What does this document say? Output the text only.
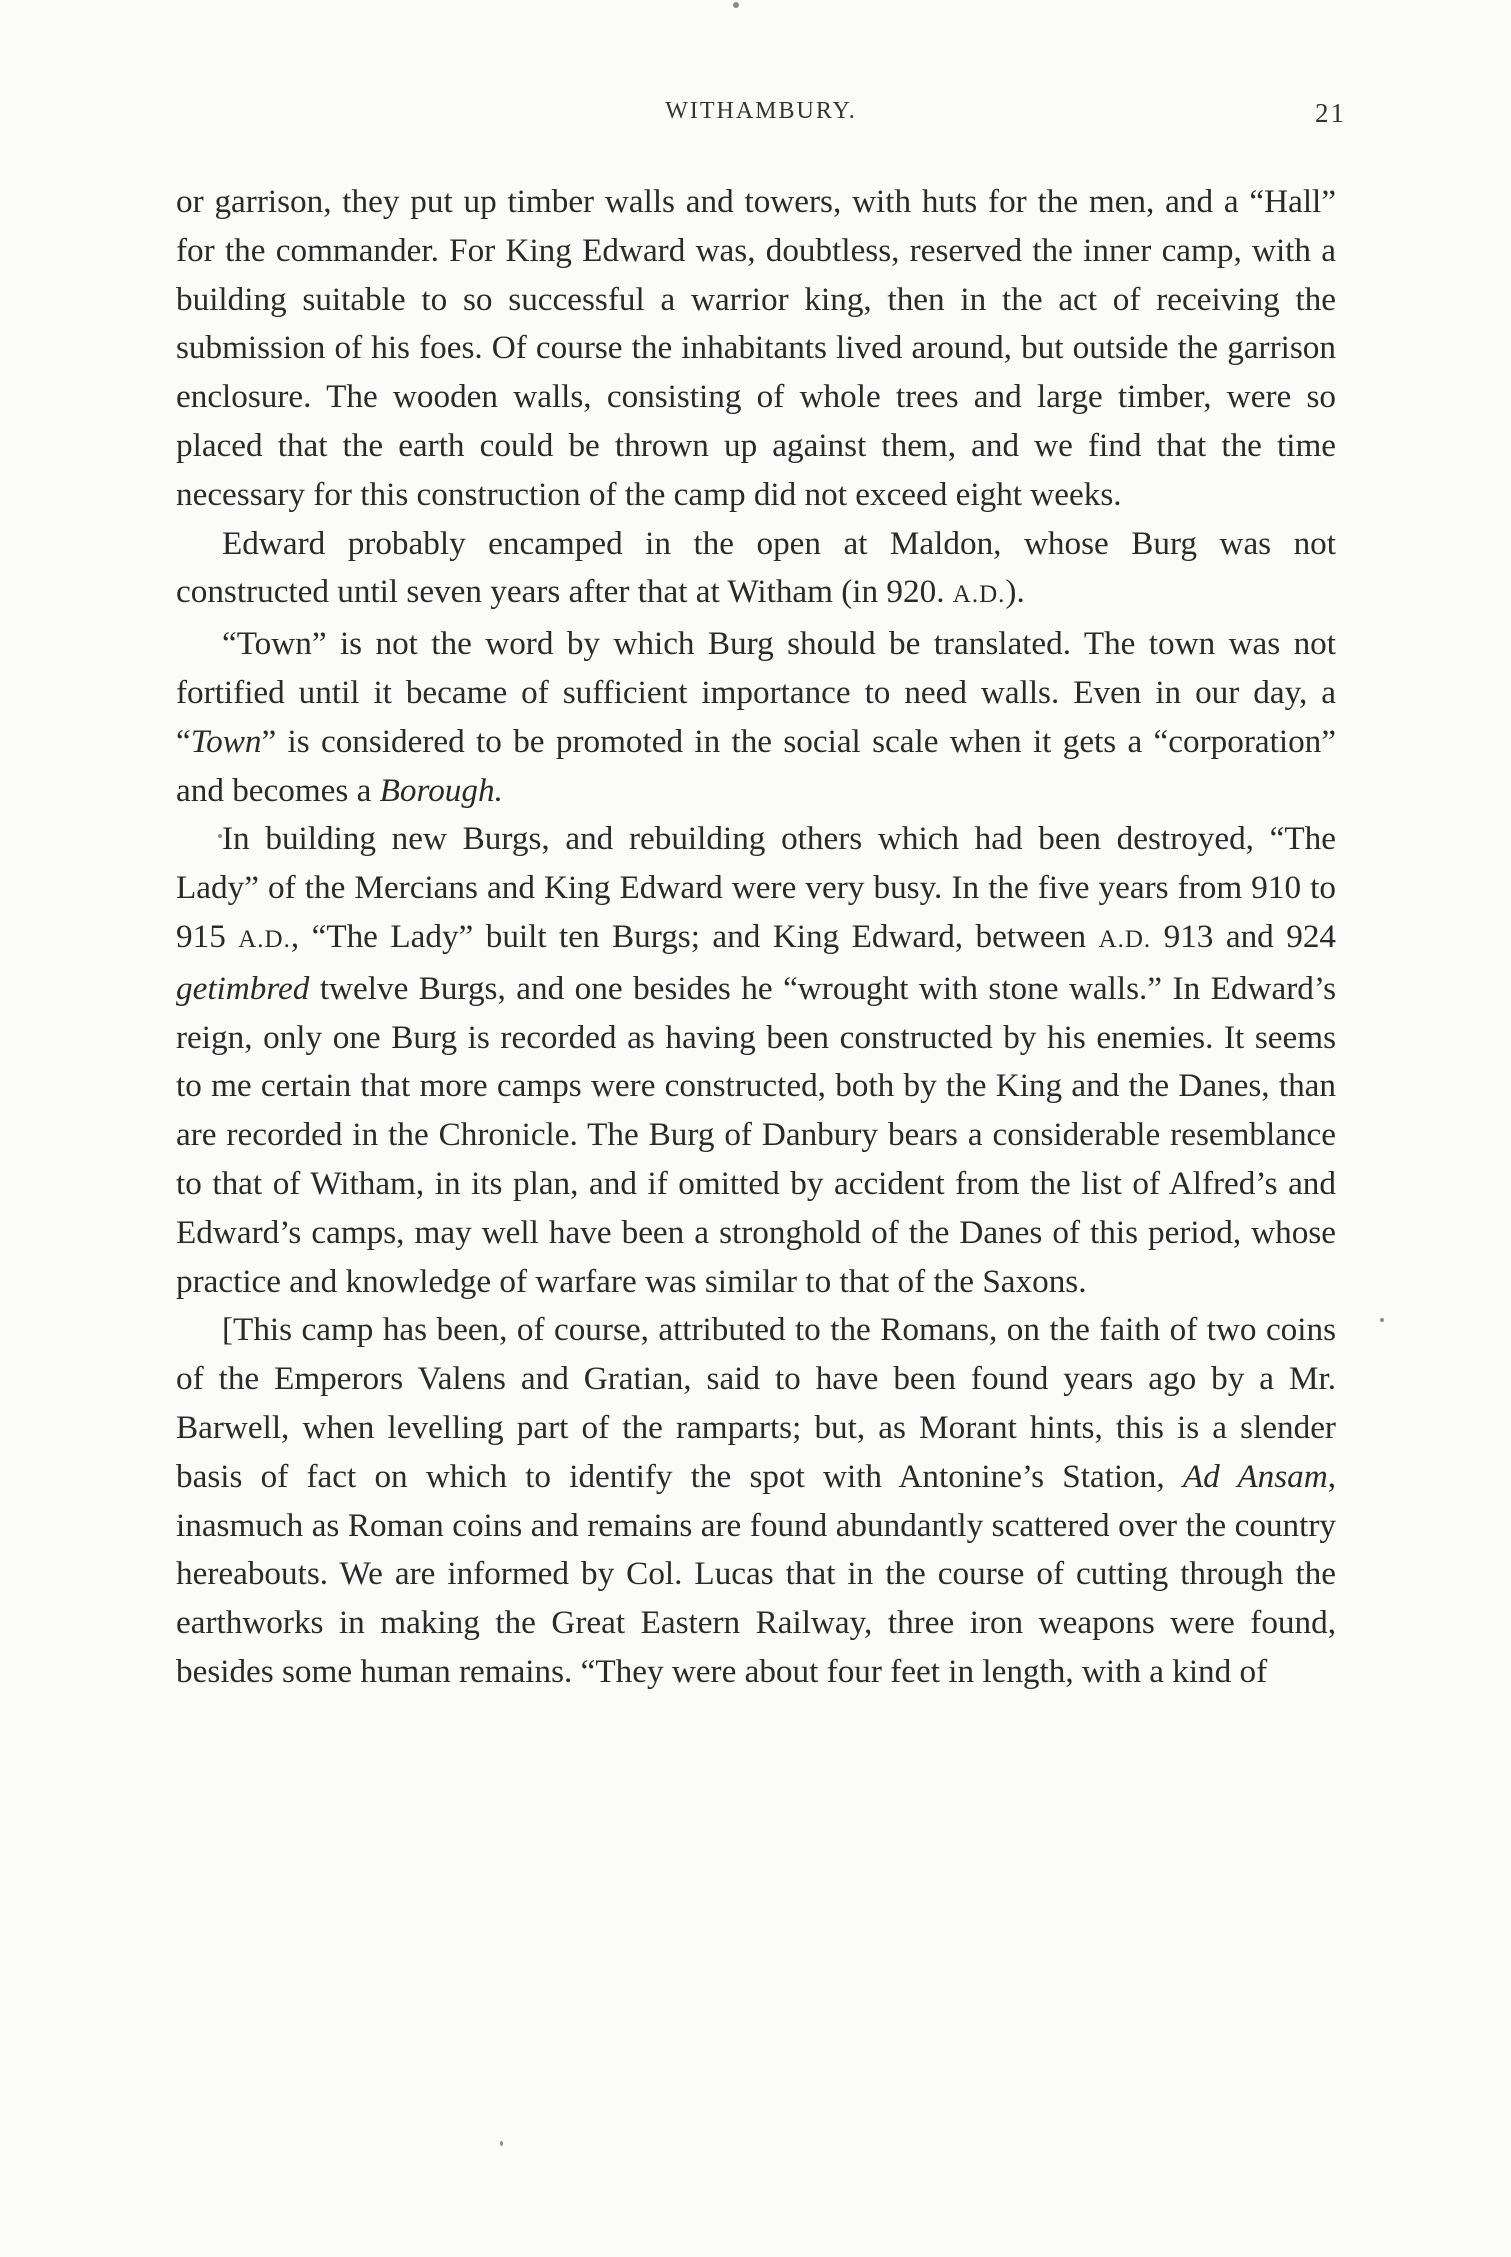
WITHAMBURY.	21

or garrison, they put up timber walls and towers, with huts for the men, and a “Hall” for the commander. For King Edward was, doubtless, reserved the inner camp, with a building suitable to so successful a warrior king, then in the act of receiving the submission of his foes. Of course the inhabitants lived around, but outside the garrison enclosure. The wooden walls, consisting of whole trees and large timber, were so placed that the earth could be thrown up against them, and we find that the time necessary for this construction of the camp did not exceed eight weeks.

Edward probably encamped in the open at Maldon, whose Burg was not constructed until seven years after that at Witham (in 920. A.D.).

“Town” is not the word by which Burg should be translated. The town was not fortified until it became of sufficient importance to need walls. Even in our day, a “Town” is considered to be promoted in the social scale when it gets a “corporation” and becomes a Borough.

In building new Burgs, and rebuilding others which had been destroyed, “The Lady” of the Mercians and King Edward were very busy. In the five years from 910 to 915 A.D., “The Lady” built ten Burgs; and King Edward, between A.D. 913 and 924 getimbred twelve Burgs, and one besides he “wrought with stone walls.” In Edward’s reign, only one Burg is recorded as having been constructed by his enemies. It seems to me certain that more camps were constructed, both by the King and the Danes, than are recorded in the Chronicle. The Burg of Danbury bears a considerable resemblance to that of Witham, in its plan, and if omitted by accident from the list of Alfred’s and Edward’s camps, may well have been a stronghold of the Danes of this period, whose practice and knowledge of warfare was similar to that of the Saxons.

[This camp has been, of course, attributed to the Romans, on the faith of two coins of the Emperors Valens and Gratian, said to have been found years ago by a Mr. Barwell, when levelling part of the ramparts; but, as Morant hints, this is a slender basis of fact on which to identify the spot with Antonine’s Station, Ad Ansam, inasmuch as Roman coins and remains are found abundantly scattered over the country hereabouts. We are informed by Col. Lucas that in the course of cutting through the earthworks in making the Great Eastern Railway, three iron weapons were found, besides some human remains. “They were about four feet in length, with a kind of
